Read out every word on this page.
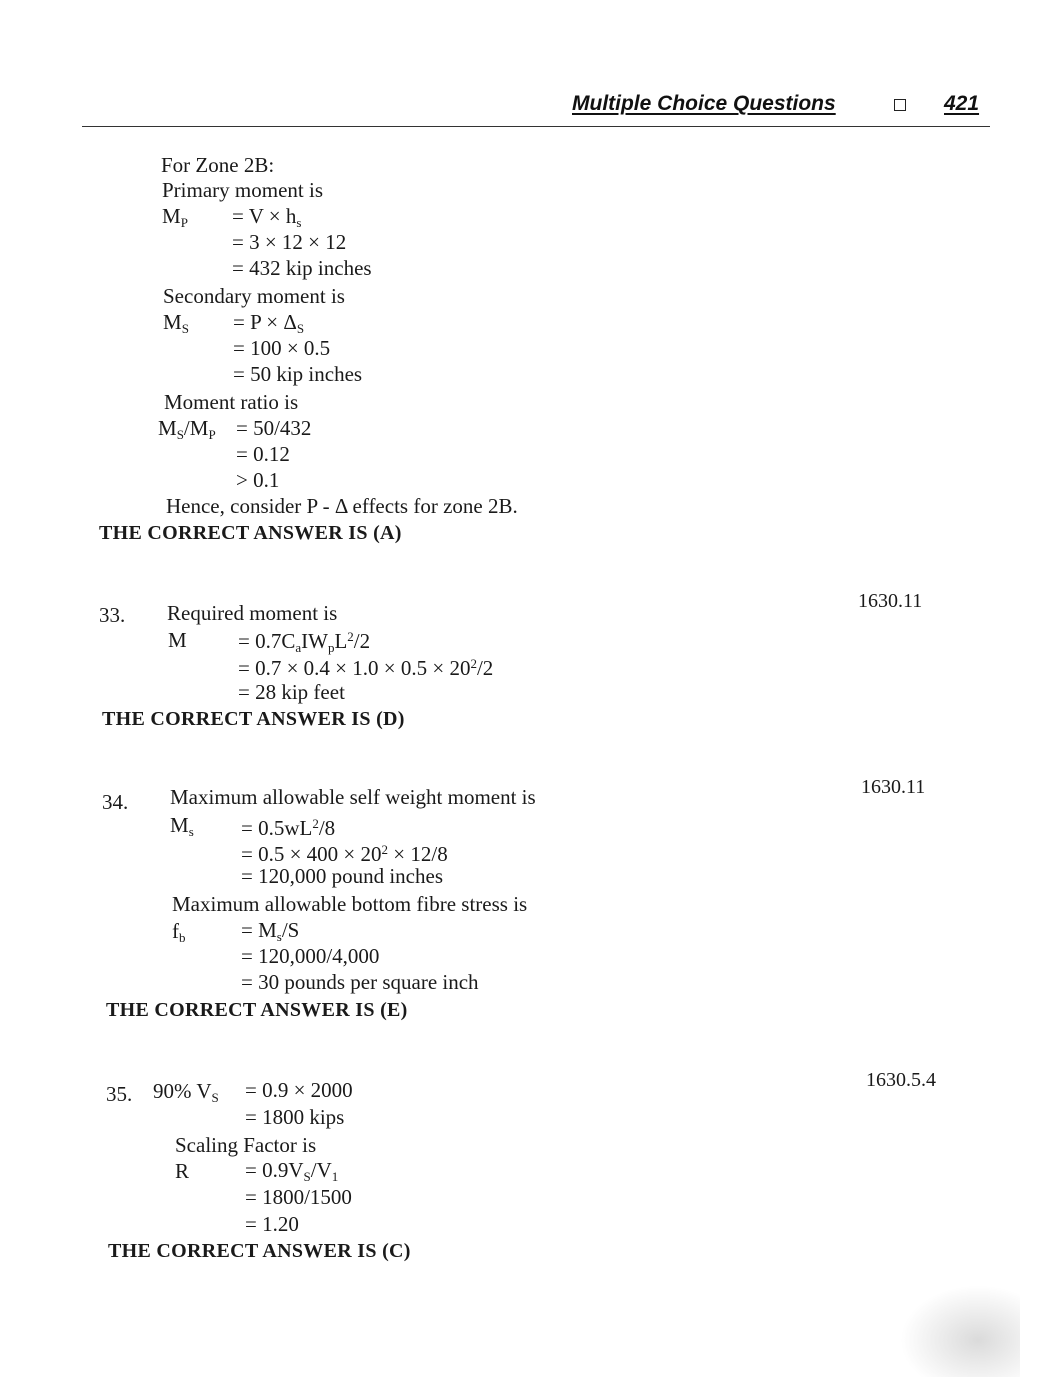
Multiple Choice Questions	421
For Zone 2B:
Primary moment is
$M_P = V \times h_s$
= 3 × 12 × 12
= 432 kip inches
Secondary moment is
$M_S = P \times \Delta_S$
= 100 × 0.5
= 50 kip inches
Moment ratio is
$M_S/M_P = 50/432$
= 0.12
> 0.1
Hence, consider P - Δ effects for zone 2B.
THE CORRECT ANSWER IS (A)
1630.11
33. Required moment is
$M = 0.7C_aIW_pL^2/2$
= $0.7 \times 0.4 \times 1.0 \times 0.5 \times 20^2/2$
= 28 kip feet
THE CORRECT ANSWER IS (D)
1630.11
34. Maximum allowable self weight moment is
$M_s = 0.5wL^2/8$
= $0.5 \times 400 \times 20^2 \times 12/8$
= 120,000 pound inches
Maximum allowable bottom fibre stress is
$f_b$	= $M_s/S$
= 120,000/4,000
= 30 pounds per square inch
THE CORRECT ANSWER IS (E)
1630.5.4
35. 90% $V_S = 0.9 \times 2000$
= 1800 kips
Scaling Factor is
R	= $0.9V_S/V_1$
= 1800/1500
= 1.20
THE CORRECT ANSWER IS (C)
